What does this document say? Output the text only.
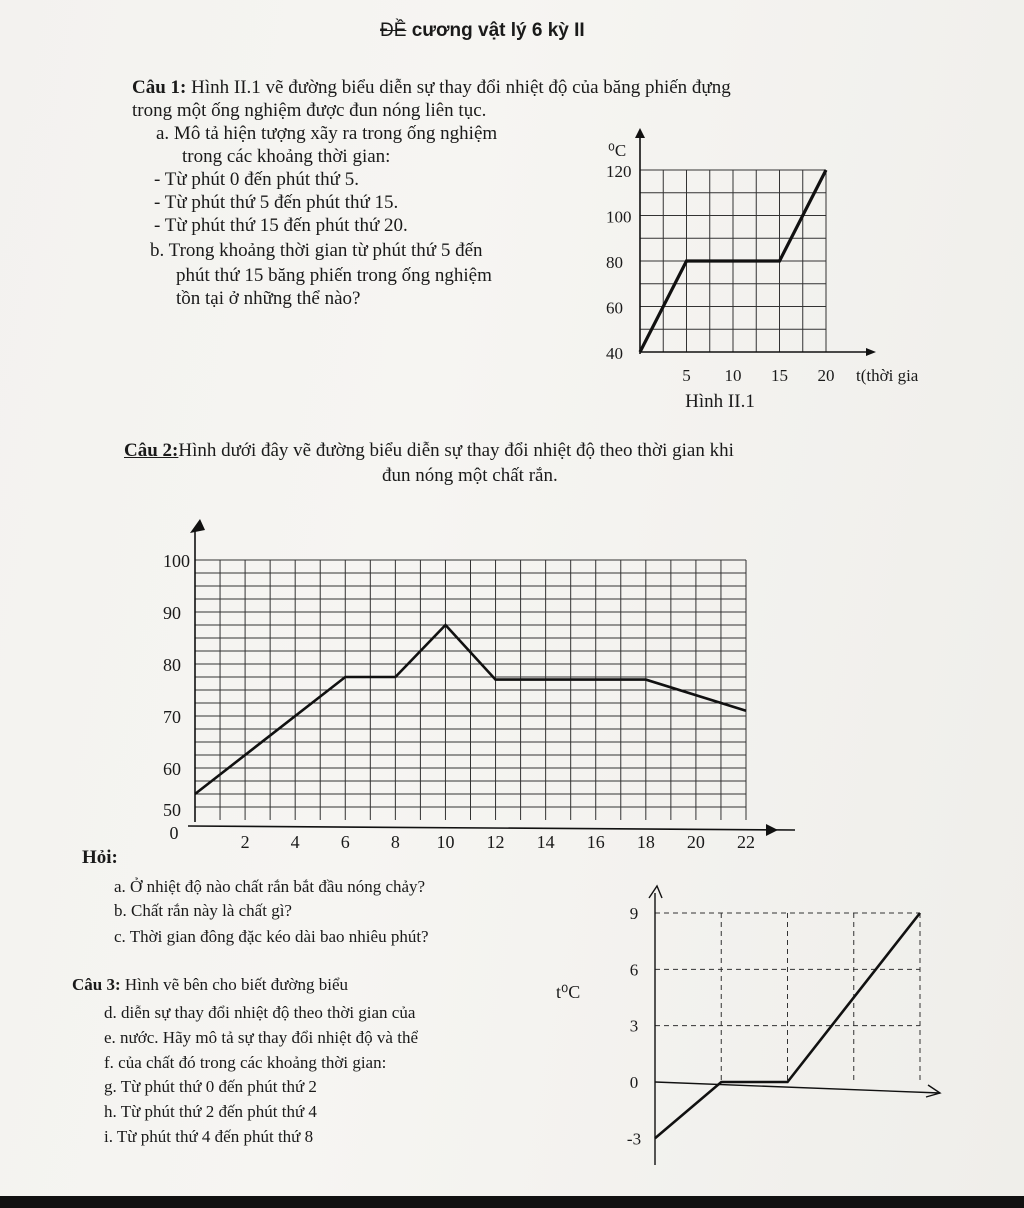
ĐỀ cương vật lý 6 kỳ II
Câu 1: Hình II.1 vẽ đường biểu diễn sự thay đổi nhiệt độ của băng phiến đựng
trong một ống nghiệm được đun nóng liên tục.
a. Mô tả hiện tượng xãy ra trong ống nghiệm
trong các khoảng thời gian:
- Từ phút 0 đến phút thứ 5.
- Từ phút thứ 5 đến phút thứ 15.
- Từ phút thứ 15 đến phút thứ 20.
b. Trong khoảng thời gian từ phút thứ 5 đến
phút thứ 15 băng phiến trong ống nghiệm
tồn tại ở những thể nào?
40
60
80
100
120
5 10 15 20
⁰C
t(thời gia
Hình II.1
Câu 2:Hình dưới đây vẽ đường biểu diễn sự thay đổi nhiệt độ theo thời gian khi
đun nóng một chất rắn.
50
60
70
80
90
100
0	2 4 6 8 10 12 14 16 18 20 22
Hỏi:
a. Ở nhiệt độ nào chất rắn bắt đầu nóng chảy?
b. Chất rắn này là chất gì?
c. Thời gian đông đặc kéo dài bao nhiêu phút?
Câu 3: Hình vẽ bên cho biết đường biểu
d. diễn sự thay đổi nhiệt độ theo thời gian của
e. nước. Hãy mô tả sự thay đổi nhiệt độ và thể
f. của chất đó trong các khoảng thời gian:
g. Từ phút thứ 0 đến phút thứ 2
h. Từ phút thứ 2 đến phút thứ 4
i. Từ phút thứ 4 đến phút thứ 8	-3
0
3
6
9
t⁰C
